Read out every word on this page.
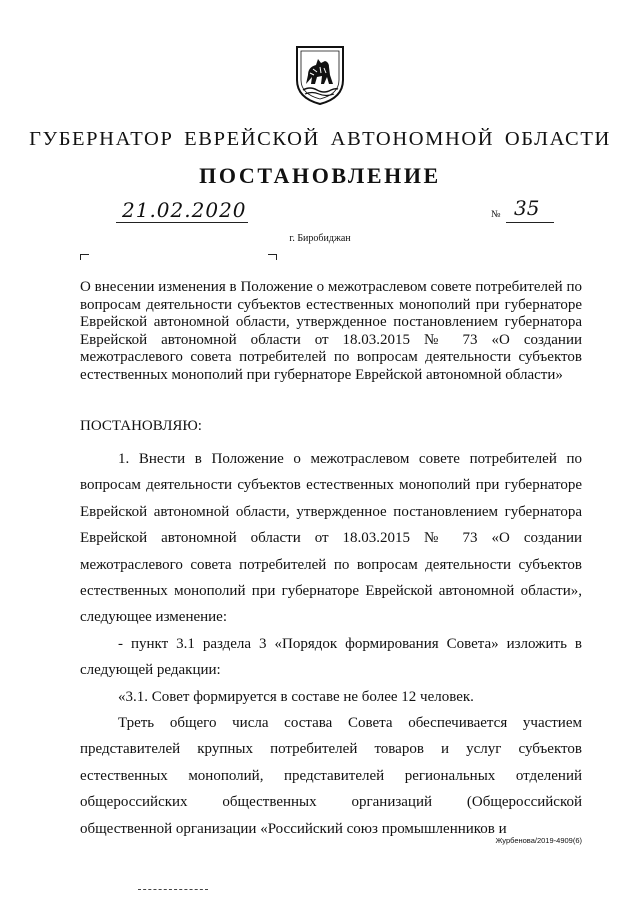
ГУБЕРНАТОР ЕВРЕЙСКОЙ АВТОНОМНОЙ ОБЛАСТИ
ПОСТАНОВЛЕНИЕ
21.02.2020	№ 35
г. Биробиджан
О внесении изменения в Положение о межотраслевом совете потребителей по вопросам деятельности субъектов естественных монополий при губернаторе Еврейской автономной области, утвержденное постановлением губернатора Еврейской автономной области от 18.03.2015 № 73 «О создании межотраслевого совета потребителей по вопросам деятельности субъектов естественных монополий при губернаторе Еврейской автономной области»
ПОСТАНОВЛЯЮ:

1. Внести в Положение о межотраслевом совете потребителей по вопросам деятельности субъектов естественных монополий при губернаторе Еврейской автономной области, утвержденное постановлением губернатора Еврейской автономной области от 18.03.2015 № 73 «О создании межотраслевого совета потребителей по вопросам деятельности субъектов естественных монополий при губернаторе Еврейской автономной области», следующее изменение:

- пункт 3.1 раздела 3 «Порядок формирования Совета» изложить в следующей редакции:

«3.1. Совет формируется в составе не более 12 человек.

Треть общего числа состава Совета обеспечивается участием представителей крупных потребителей товаров и услуг субъектов естественных монополий, представителей региональных отделений общероссийских общественных организаций (Общероссийской общественной организации «Российский союз промышленников и

Журбенова/2019-4909(6)
